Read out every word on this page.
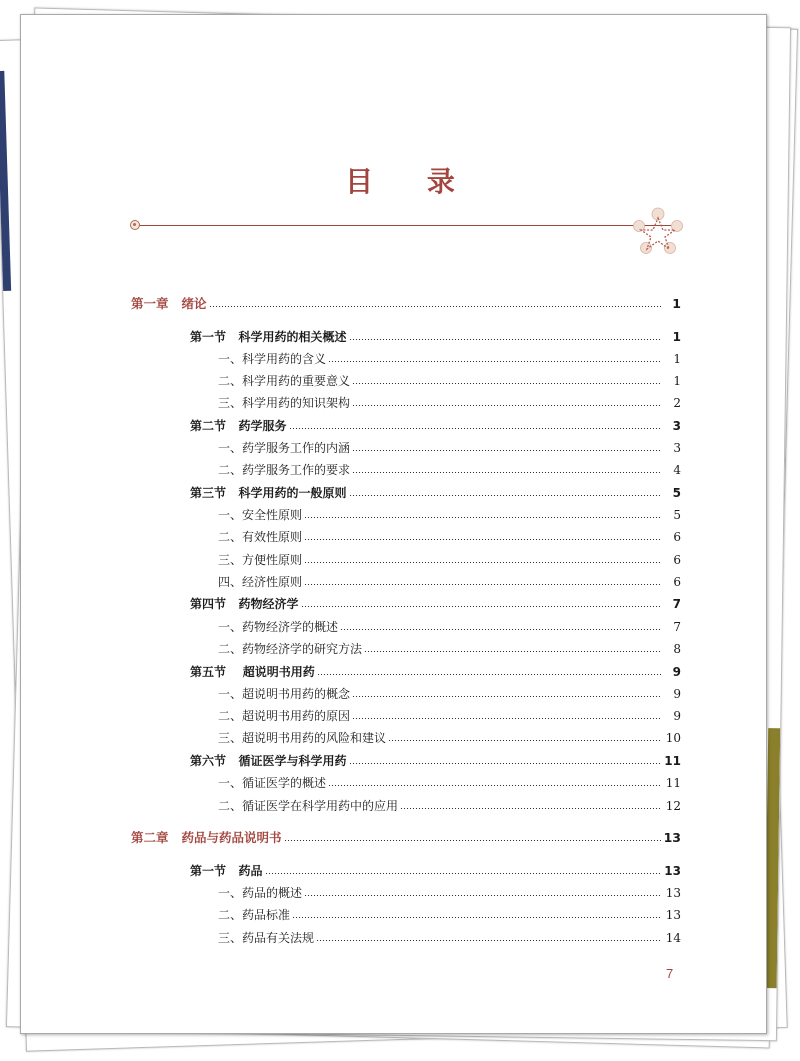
目 录
第一章   绪论	1
第一节   科学用药的相关概述	1
一、科学用药的含义	1
二、科学用药的重要意义	1
三、科学用药的知识架构	2
第二节   药学服务	3
一、药学服务工作的内涵	3
二、药学服务工作的要求	4
第三节   科学用药的一般原则	5
一、安全性原则	5
二、有效性原则	6
三、方便性原则	6
四、经济性原则	6
第四节   药物经济学	7
一、药物经济学的概述	7
二、药物经济学的研究方法	8
第五节    超说明书用药	9
一、超说明书用药的概念	9
二、超说明书用药的原因	9
三、超说明书用药的风险和建议	10
第六节   循证医学与科学用药	11
一、循证医学的概述	11
二、循证医学在科学用药中的应用	12
第二章   药品与药品说明书	13
第一节   药品	13
一、药品的概述	13
二、药品标准	13
三、药品有关法规	14
7
